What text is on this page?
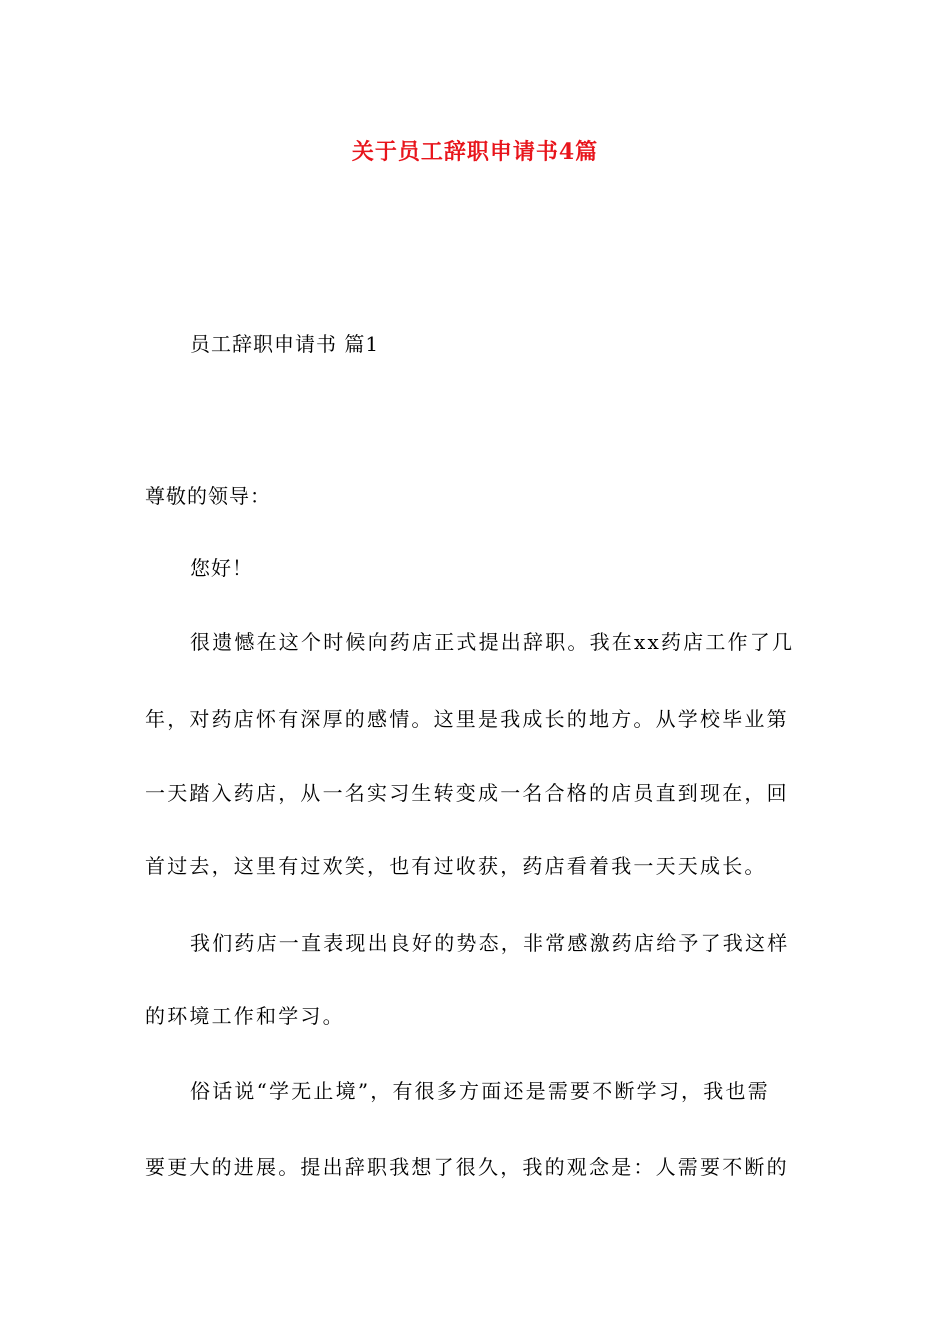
关于员工辞职申请书4篇
员工辞职申请书 篇1
尊敬的领导：
您好！
很遗憾在这个时候向药店正式提出辞职。我在xx药店工作了几
年，对药店怀有深厚的感情。这里是我成长的地方。从学校毕业第
一天踏入药店，从一名实习生转变成一名合格的店员直到现在，回
首过去，这里有过欢笑，也有过收获，药店看着我一天天成长。
我们药店一直表现出良好的势态，非常感激药店给予了我这样
的环境工作和学习。
俗话说“学无止境”，有很多方面还是需要不断学习，我也需
要更大的进展。提出辞职我想了很久，我的观念是：人需要不断的
